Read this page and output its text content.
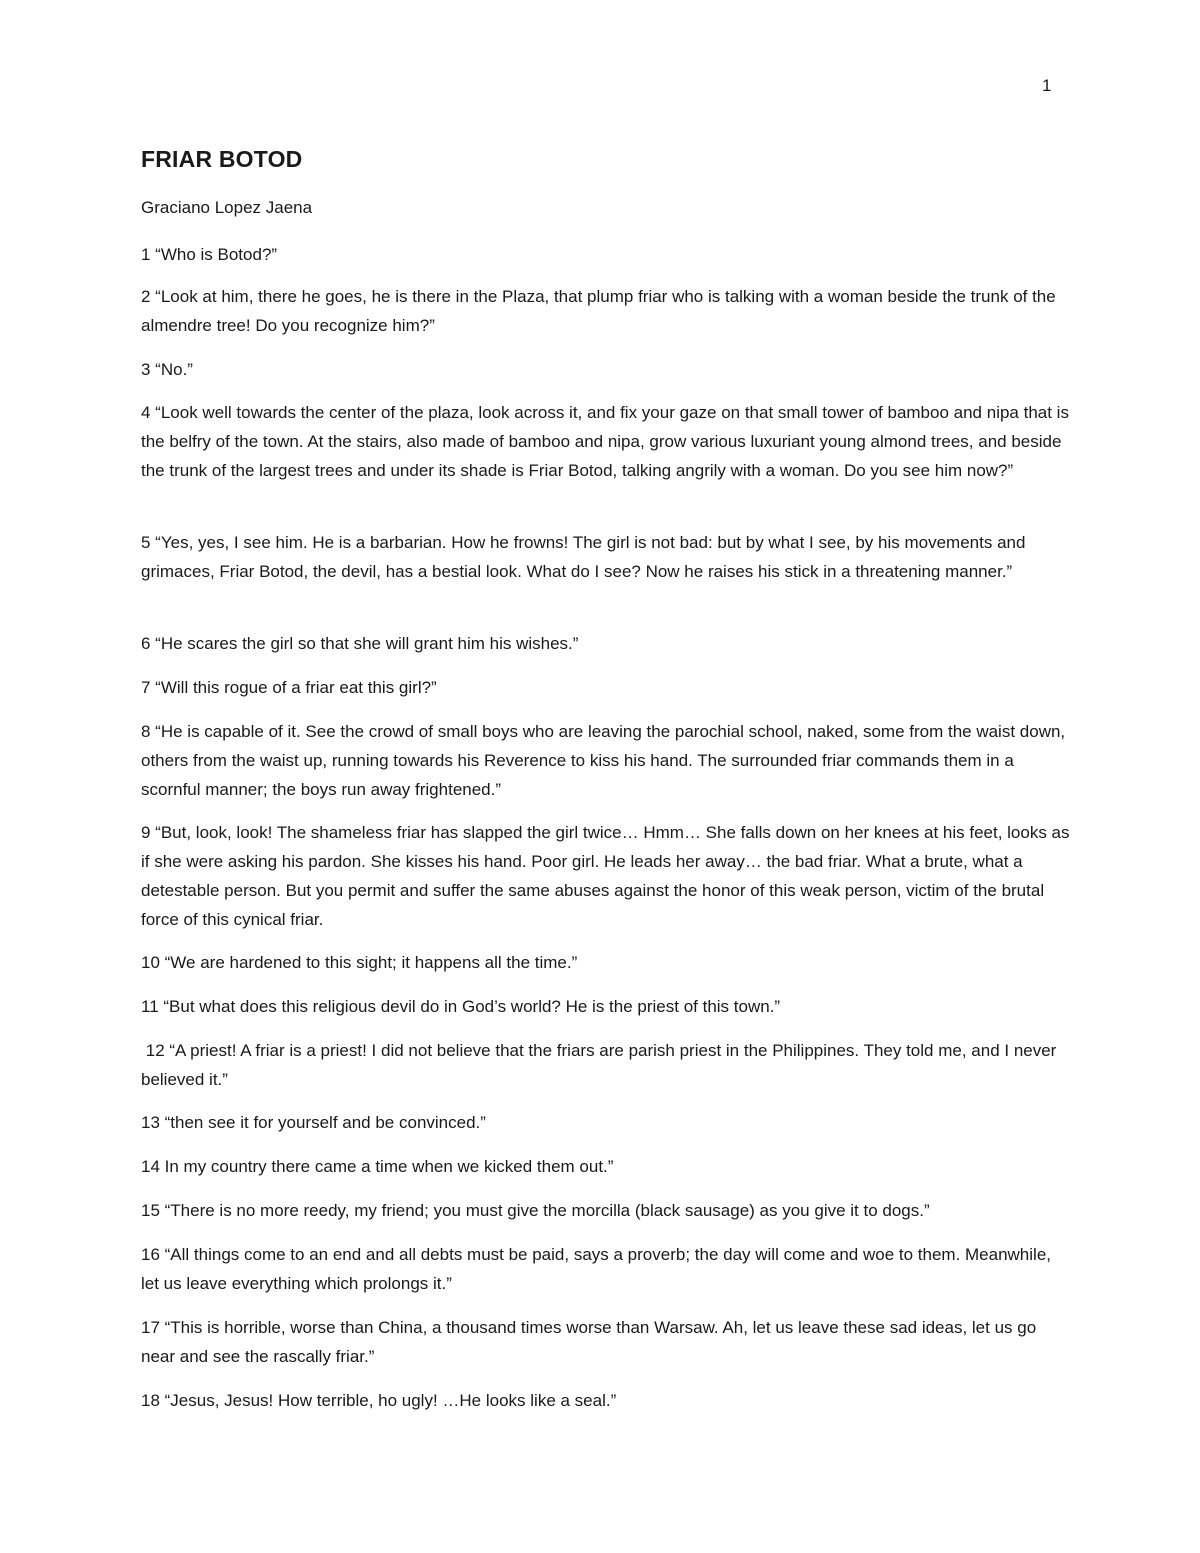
1
FRIAR BOTOD

Graciano Lopez Jaena

1 “Who is Botod?”

2 “Look at him, there he goes, he is there in the Plaza, that plump friar who is talking with a woman beside the trunk of the almendre tree! Do you recognize him?”

3 “No.”

4 “Look well towards the center of the plaza, look across it, and fix your gaze on that small tower of bamboo and nipa that is the belfry of the town. At the stairs, also made of bamboo and nipa, grow various luxuriant young almond trees, and beside the trunk of the largest trees and under its shade is Friar Botod, talking angrily with a woman. Do you see him now?”

5 “Yes, yes, I see him. He is a barbarian. How he frowns! The girl is not bad: but by what I see, by his movements and grimaces, Friar Botod, the devil, has a bestial look. What do I see? Now he raises his stick in a threatening manner.”

6 “He scares the girl so that she will grant him his wishes.”

7 “Will this rogue of a friar eat this girl?”

8 “He is capable of it. See the crowd of small boys who are leaving the parochial school, naked, some from the waist down, others from the waist up, running towards his Reverence to kiss his hand. The surrounded friar commands them in a scornful manner; the boys run away frightened.”

9 “But, look, look! The shameless friar has slapped the girl twice… Hmm… She falls down on her knees at his feet, looks as if she were asking his pardon. She kisses his hand. Poor girl. He leads her away… the bad friar. What a brute, what a detestable person. But you permit and suffer the same abuses against the honor of this weak person, victim of the brutal force of this cynical friar.

10 “We are hardened to this sight; it happens all the time.”

11 “But what does this religious devil do in God’s world? He is the priest of this town.”

12 “A priest! A friar is a priest! I did not believe that the friars are parish priest in the Philippines. They told me, and I never believed it.”

13 “then see it for yourself and be convinced.”

14 In my country there came a time when we kicked them out.”

15 “There is no more reedy, my friend; you must give the morcilla (black sausage) as you give it to dogs.”

16 “All things come to an end and all debts must be paid, says a proverb; the day will come and woe to them. Meanwhile, let us leave everything which prolongs it.”

17 “This is horrible, worse than China, a thousand times worse than Warsaw. Ah, let us leave these sad ideas, let us go near and see the rascally friar.”

18 “Jesus, Jesus! How terrible, ho ugly! …He looks like a seal.”
